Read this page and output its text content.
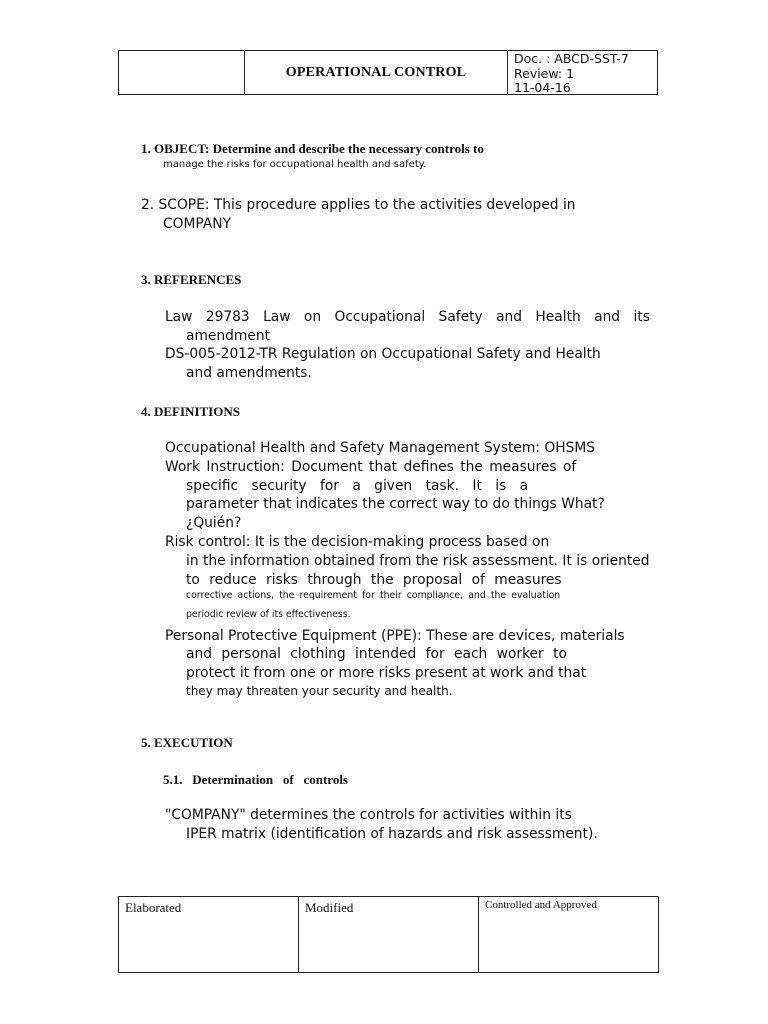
OPERATIONAL CONTROL
Doc. : ABCD-SST-7
Review: 1
11-04-16
1. OBJECT: Determine and describe the necessary controls to
manage the risks for occupational health and safety.
2. SCOPE: This procedure applies to the activities developed in
COMPANY
3. REFERENCES
Law 29783 Law on Occupational Safety and Health and its
amendment
DS-005-2012-TR Regulation on Occupational Safety and Health
and amendments.
4. DEFINITIONS
Occupational Health and Safety Management System: OHSMS
Work Instruction: Document that defines the measures of
specific security for a given task. It is a
parameter that indicates the correct way to do things What?
¿Quién?
Risk control: It is the decision-making process based on
in the information obtained from the risk assessment. It is oriented
to reduce risks through the proposal of measures
corrective actions, the requirement for their compliance, and the evaluation
periodic review of its effectiveness.
Personal Protective Equipment (PPE): These are devices, materials
and personal clothing intended for each worker to
protect it from one or more risks present at work and that
they may threaten your security and health.
5. EXECUTION
5.1.   Determination   of   controls
"COMPANY" determines the controls for activities within its
IPER matrix (identification of hazards and risk assessment).
Elaborated	Modified	Controlled and Approved
